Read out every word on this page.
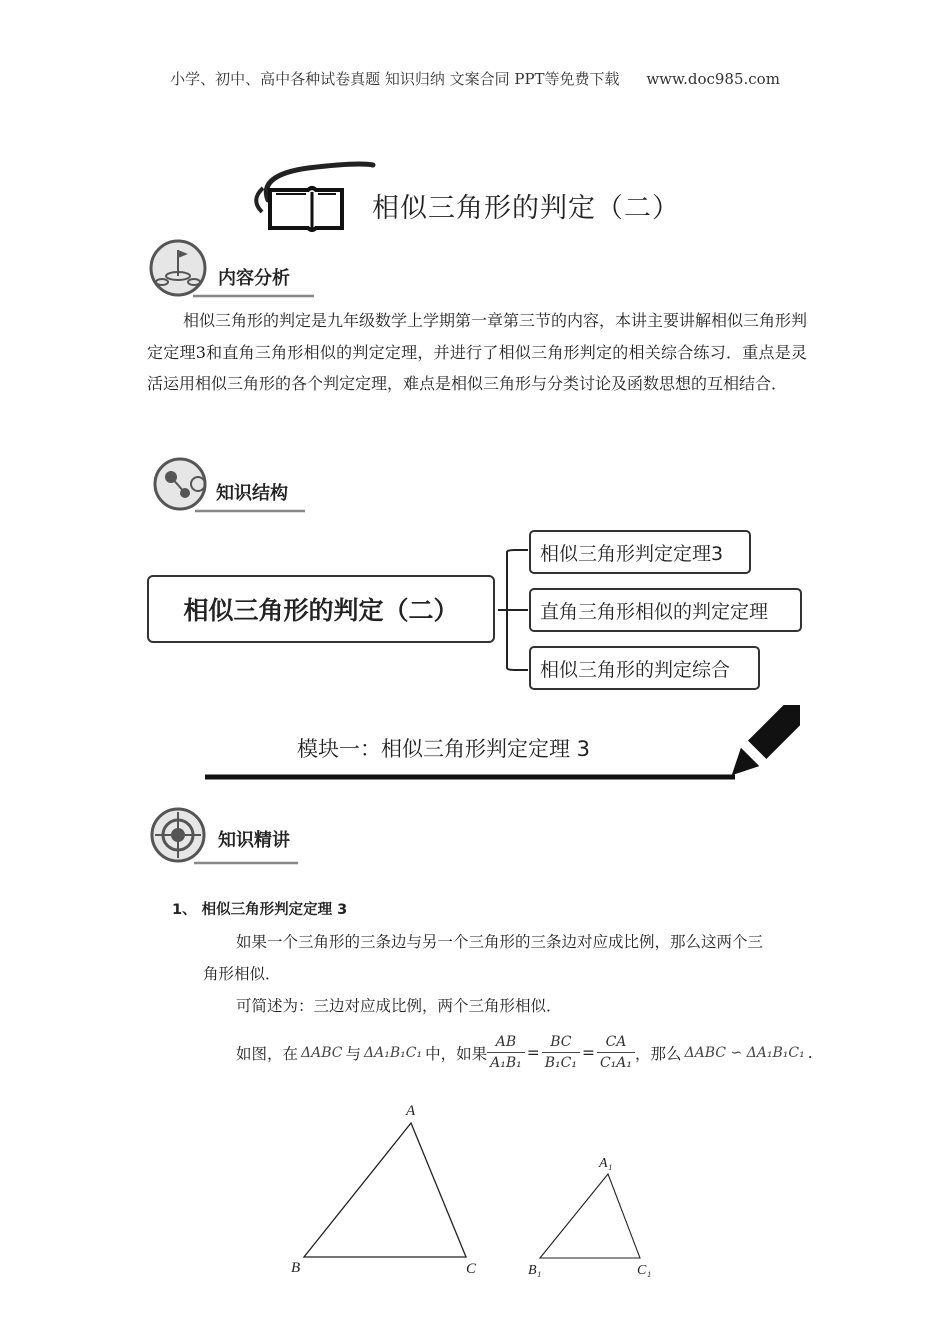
小学、初中、高中各种试卷真题 知识归纳 文案合同 PPT等免费下载 www.doc985.com
相似三角形的判定（二）
内容分析
相似三角形的判定是九年级数学上学期第一章第三节的内容，本讲主要讲解相似三角形判定定理3和直角三角形相似的判定定理，并进行了相似三角形判定的相关综合练习．重点是灵活运用相似三角形的各个判定定理，难点是相似三角形与分类讨论及函数思想的互相结合．
知识结构
相似三角形的判定（二）
相似三角形判定定理3
直角三角形相似的判定定理
相似三角形的判定综合
模块一：相似三角形判定定理 3
知识精讲
1、 相似三角形判定定理 3
如果一个三角形的三条边与另一个三角形的三条边对应成比例，那么这两个三
角形相似．
可简述为：三边对应成比例，两个三角形相似．
如图，在 ΔABC 与 ΔA₁B₁C₁ 中，如果 $\frac{AB}{\text{A₁B₁}} = \frac{BC}{\text{B₁C₁}} = \frac{CA}{\text{C₁A₁}}$ ，那么 ΔABC ∽ ΔA₁B₁C₁ .
A
B	C
A₁
B₁	C₁
